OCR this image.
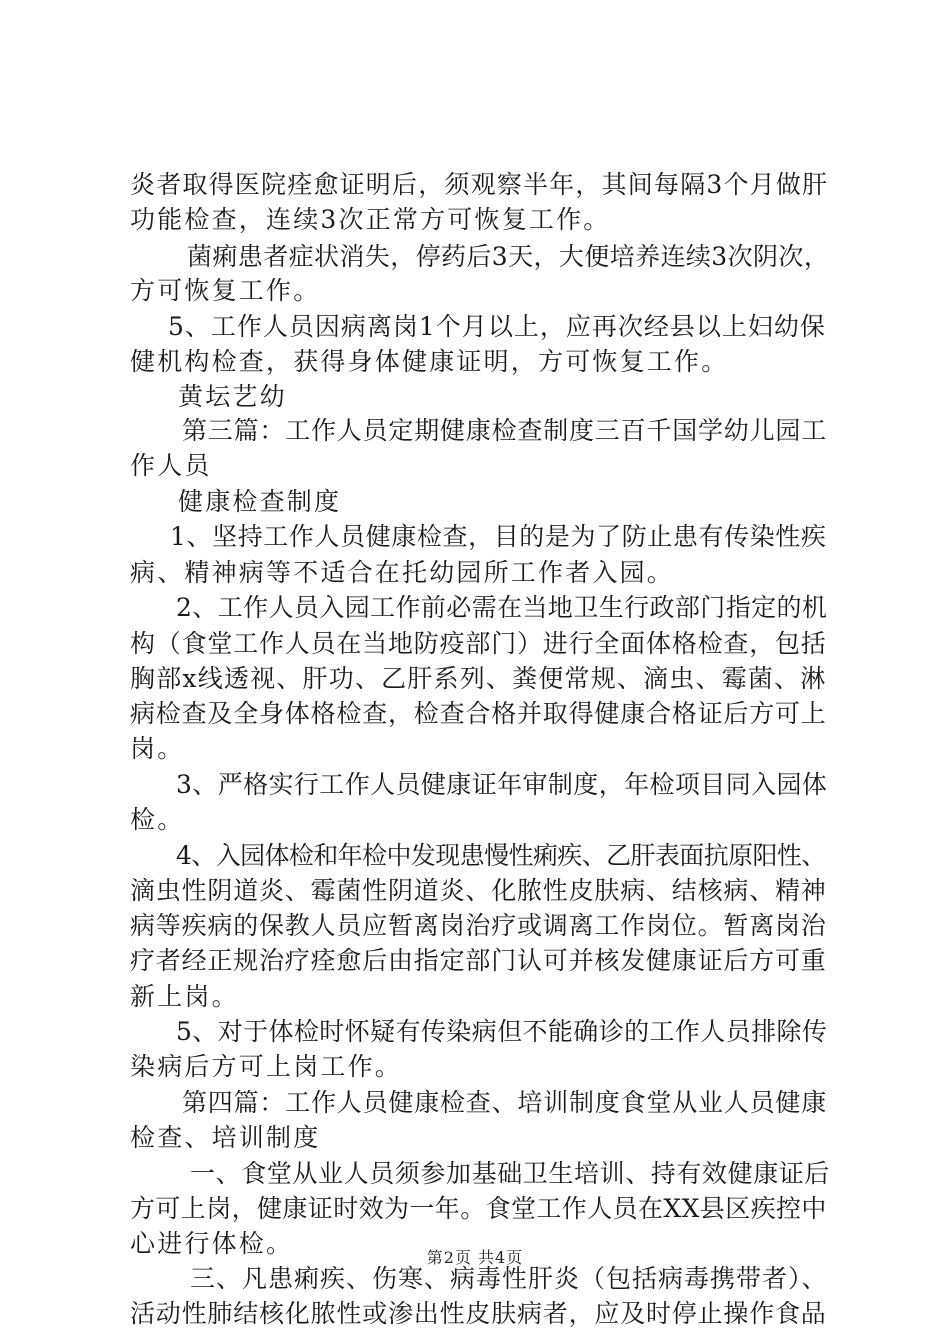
炎者取得医院痊愈证明后，须观察半年，其间每隔3个月做肝
功能检查，连续3次正常方可恢复工作。
菌痢患者症状消失，停药后3天，大便培养连续3次阴次，
方可恢复工作。
5、工作人员因病离岗1个月以上，应再次经县以上妇幼保
健机构检查，获得身体健康证明，方可恢复工作。
黄坛艺幼
第三篇：工作人员定期健康检查制度三百千国学幼儿园工
作人员
健康检查制度
1、坚持工作人员健康检查，目的是为了防止患有传染性疾
病、精神病等不适合在托幼园所工作者入园。
2、工作人员入园工作前必需在当地卫生行政部门指定的机
构（食堂工作人员在当地防疫部门）进行全面体格检查，包括
胸部x线透视、肝功、乙肝系列、粪便常规、滴虫、霉菌、淋
病检查及全身体格检查，检查合格并取得健康合格证后方可上
岗。
3、严格实行工作人员健康证年审制度，年检项目同入园体
检。
4、入园体检和年检中发现患慢性痢疾、乙肝表面抗原阳性、
滴虫性阴道炎、霉菌性阴道炎、化脓性皮肤病、结核病、精神
病等疾病的保教人员应暂离岗治疗或调离工作岗位。暂离岗治
疗者经正规治疗痊愈后由指定部门认可并核发健康证后方可重
新上岗。
5、对于体检时怀疑有传染病但不能确诊的工作人员排除传
染病后方可上岗工作。
第四篇：工作人员健康检查、培训制度食堂从业人员健康
检查、培训制度
一、食堂从业人员须参加基础卫生培训、持有效健康证后
方可上岗，健康证时效为一年。食堂工作人员在XX县区疾控中
心进行体检。
三、凡患痢疾、伤寒、病毒性肝炎（包括病毒携带者）、
活动性肺结核化脓性或渗出性皮肤病者，应及时停止操作食品
第2页 共4页
